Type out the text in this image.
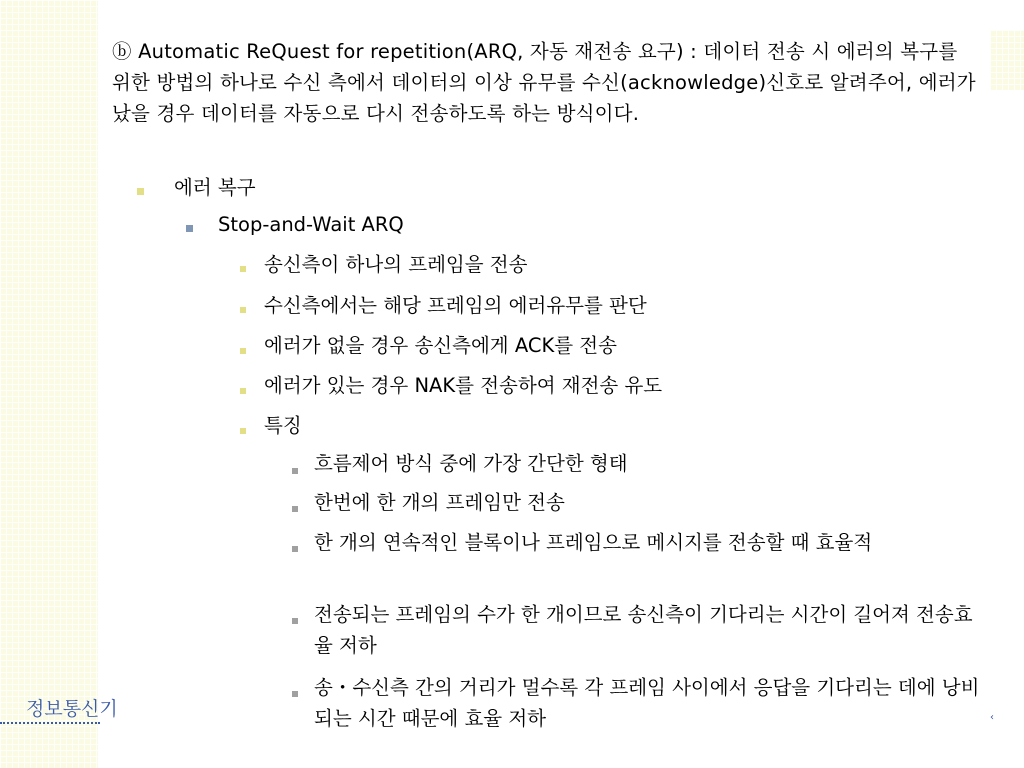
ⓑ Automatic ReQuest for repetition(ARQ, 자동 재전송 요구) : 데이터 전송 시 에러의 복구를 위한 방법의 하나로 수신 측에서 데이터의 이상 유무를 수신(acknowledge)신호로 알려주어, 에러가 났을 경우 데이터를 자동으로 다시 전송하도록 하는 방식이다.
에러 복구
Stop-and-Wait ARQ
송신측이 하나의 프레임을 전송
수신측에서는 해당 프레임의 에러유무를 판단
에러가 없을 경우 송신측에게 ACK를 전송
에러가 있는 경우 NAK를 전송하여 재전송 유도
특징
흐름제어 방식 중에 가장 간단한 형태
한번에 한 개의 프레임만 전송
한 개의 연속적인 블록이나 프레임으로 메시지를 전송할 때 효율적
전송되는 프레임의 수가 한 개이므로 송신측이 기다리는 시간이 길어져 전송효율 저하
송・수신측 간의 거리가 멀수록 각 프레임 사이에서 응답을 기다리는 데에 낭비되는 시간 때문에 효율 저하
정보통신기	‹
